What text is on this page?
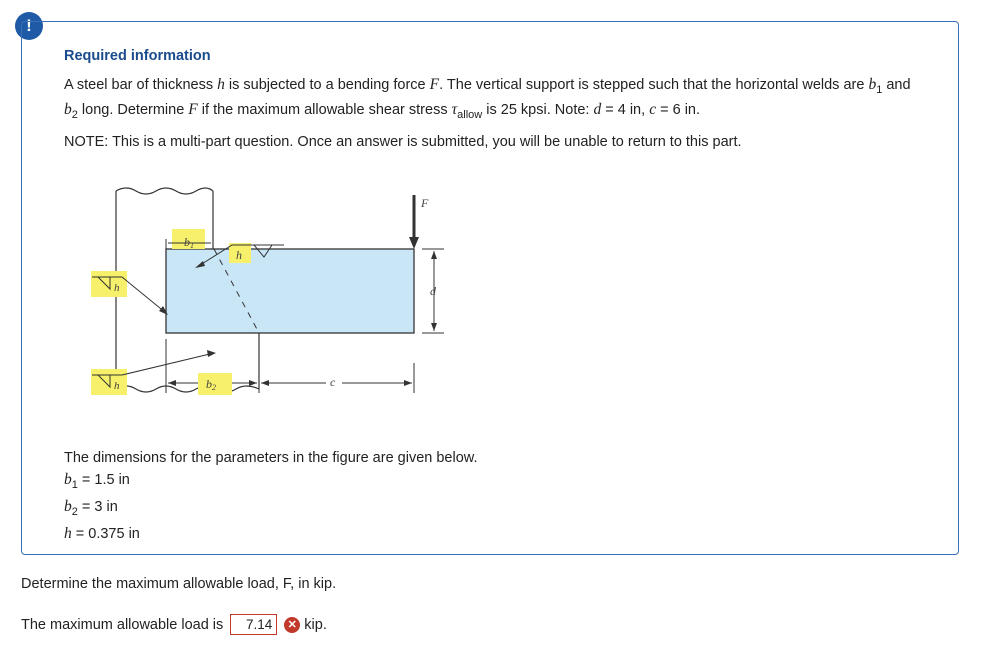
!
Required information
A steel bar of thickness h is subjected to a bending force F. The vertical support is stepped such that the horizontal welds are $b_1$ and $b_2$ long. Determine F if the maximum allowable shear stress $\tau_{allow}$ is 25 kpsi. Note: d = 4 in, c = 6 in.
NOTE: This is a multi-part question. Once an answer is submitted, you will be unable to return to this part.
F
d
b1
h
h
h	b2	c
The dimensions for the parameters in the figure are given below.
$b_1 = 1.5$ in
$b_2 = 3$ in
h = 0.375 in
Determine the maximum allowable load, F, in kip.
The maximum allowable load is	7.14	✕ kip.
